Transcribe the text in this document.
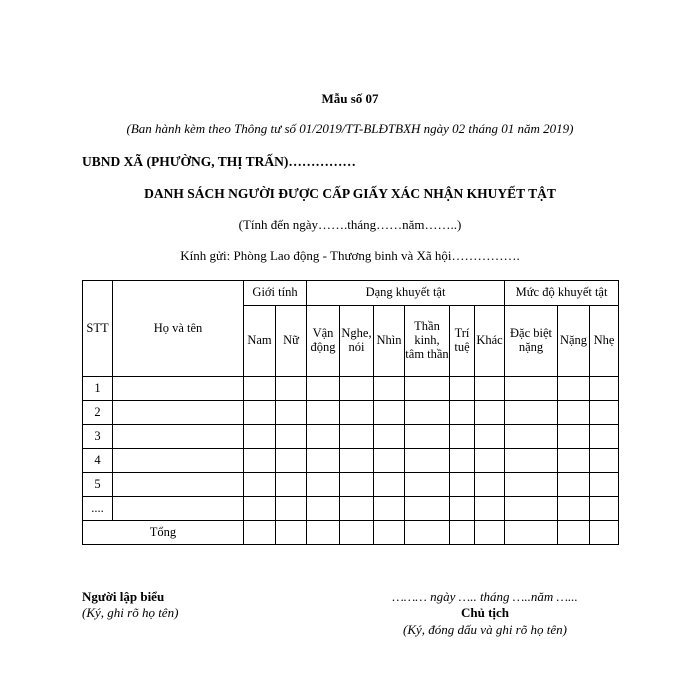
Mẫu số 07
(Ban hành kèm theo Thông tư số 01/2019/TT-BLĐTBXH ngày 02 tháng 01 năm 2019)
UBND XÃ (PHƯỜNG, THỊ TRẤN)……………
DANH SÁCH NGƯỜI ĐƯỢC CẤP GIẤY XÁC NHẬN KHUYẾT TẬT
(Tính đến ngày…….tháng……năm……..)
Kính gửi: Phòng Lao động - Thương binh và Xã hội…………….
STT	Họ và tên	Giới tính		Dạng khuyết tật						Mức độ khuyết tật		
		Nam	Nữ	Vận động	Nghe, nói	Nhìn	Thần kinh, tâm thần	Trí tuệ	Khác	Đặc biệt nặng	Nặng	Nhẹ
1												
2												
3												
4												
5												
....												
Tổng												
Người lập biểu
(Ký, ghi rõ họ tên)
……… ngày ….. tháng …..năm …...
Chủ tịch
(Ký, đóng dấu và ghi rõ họ tên)
